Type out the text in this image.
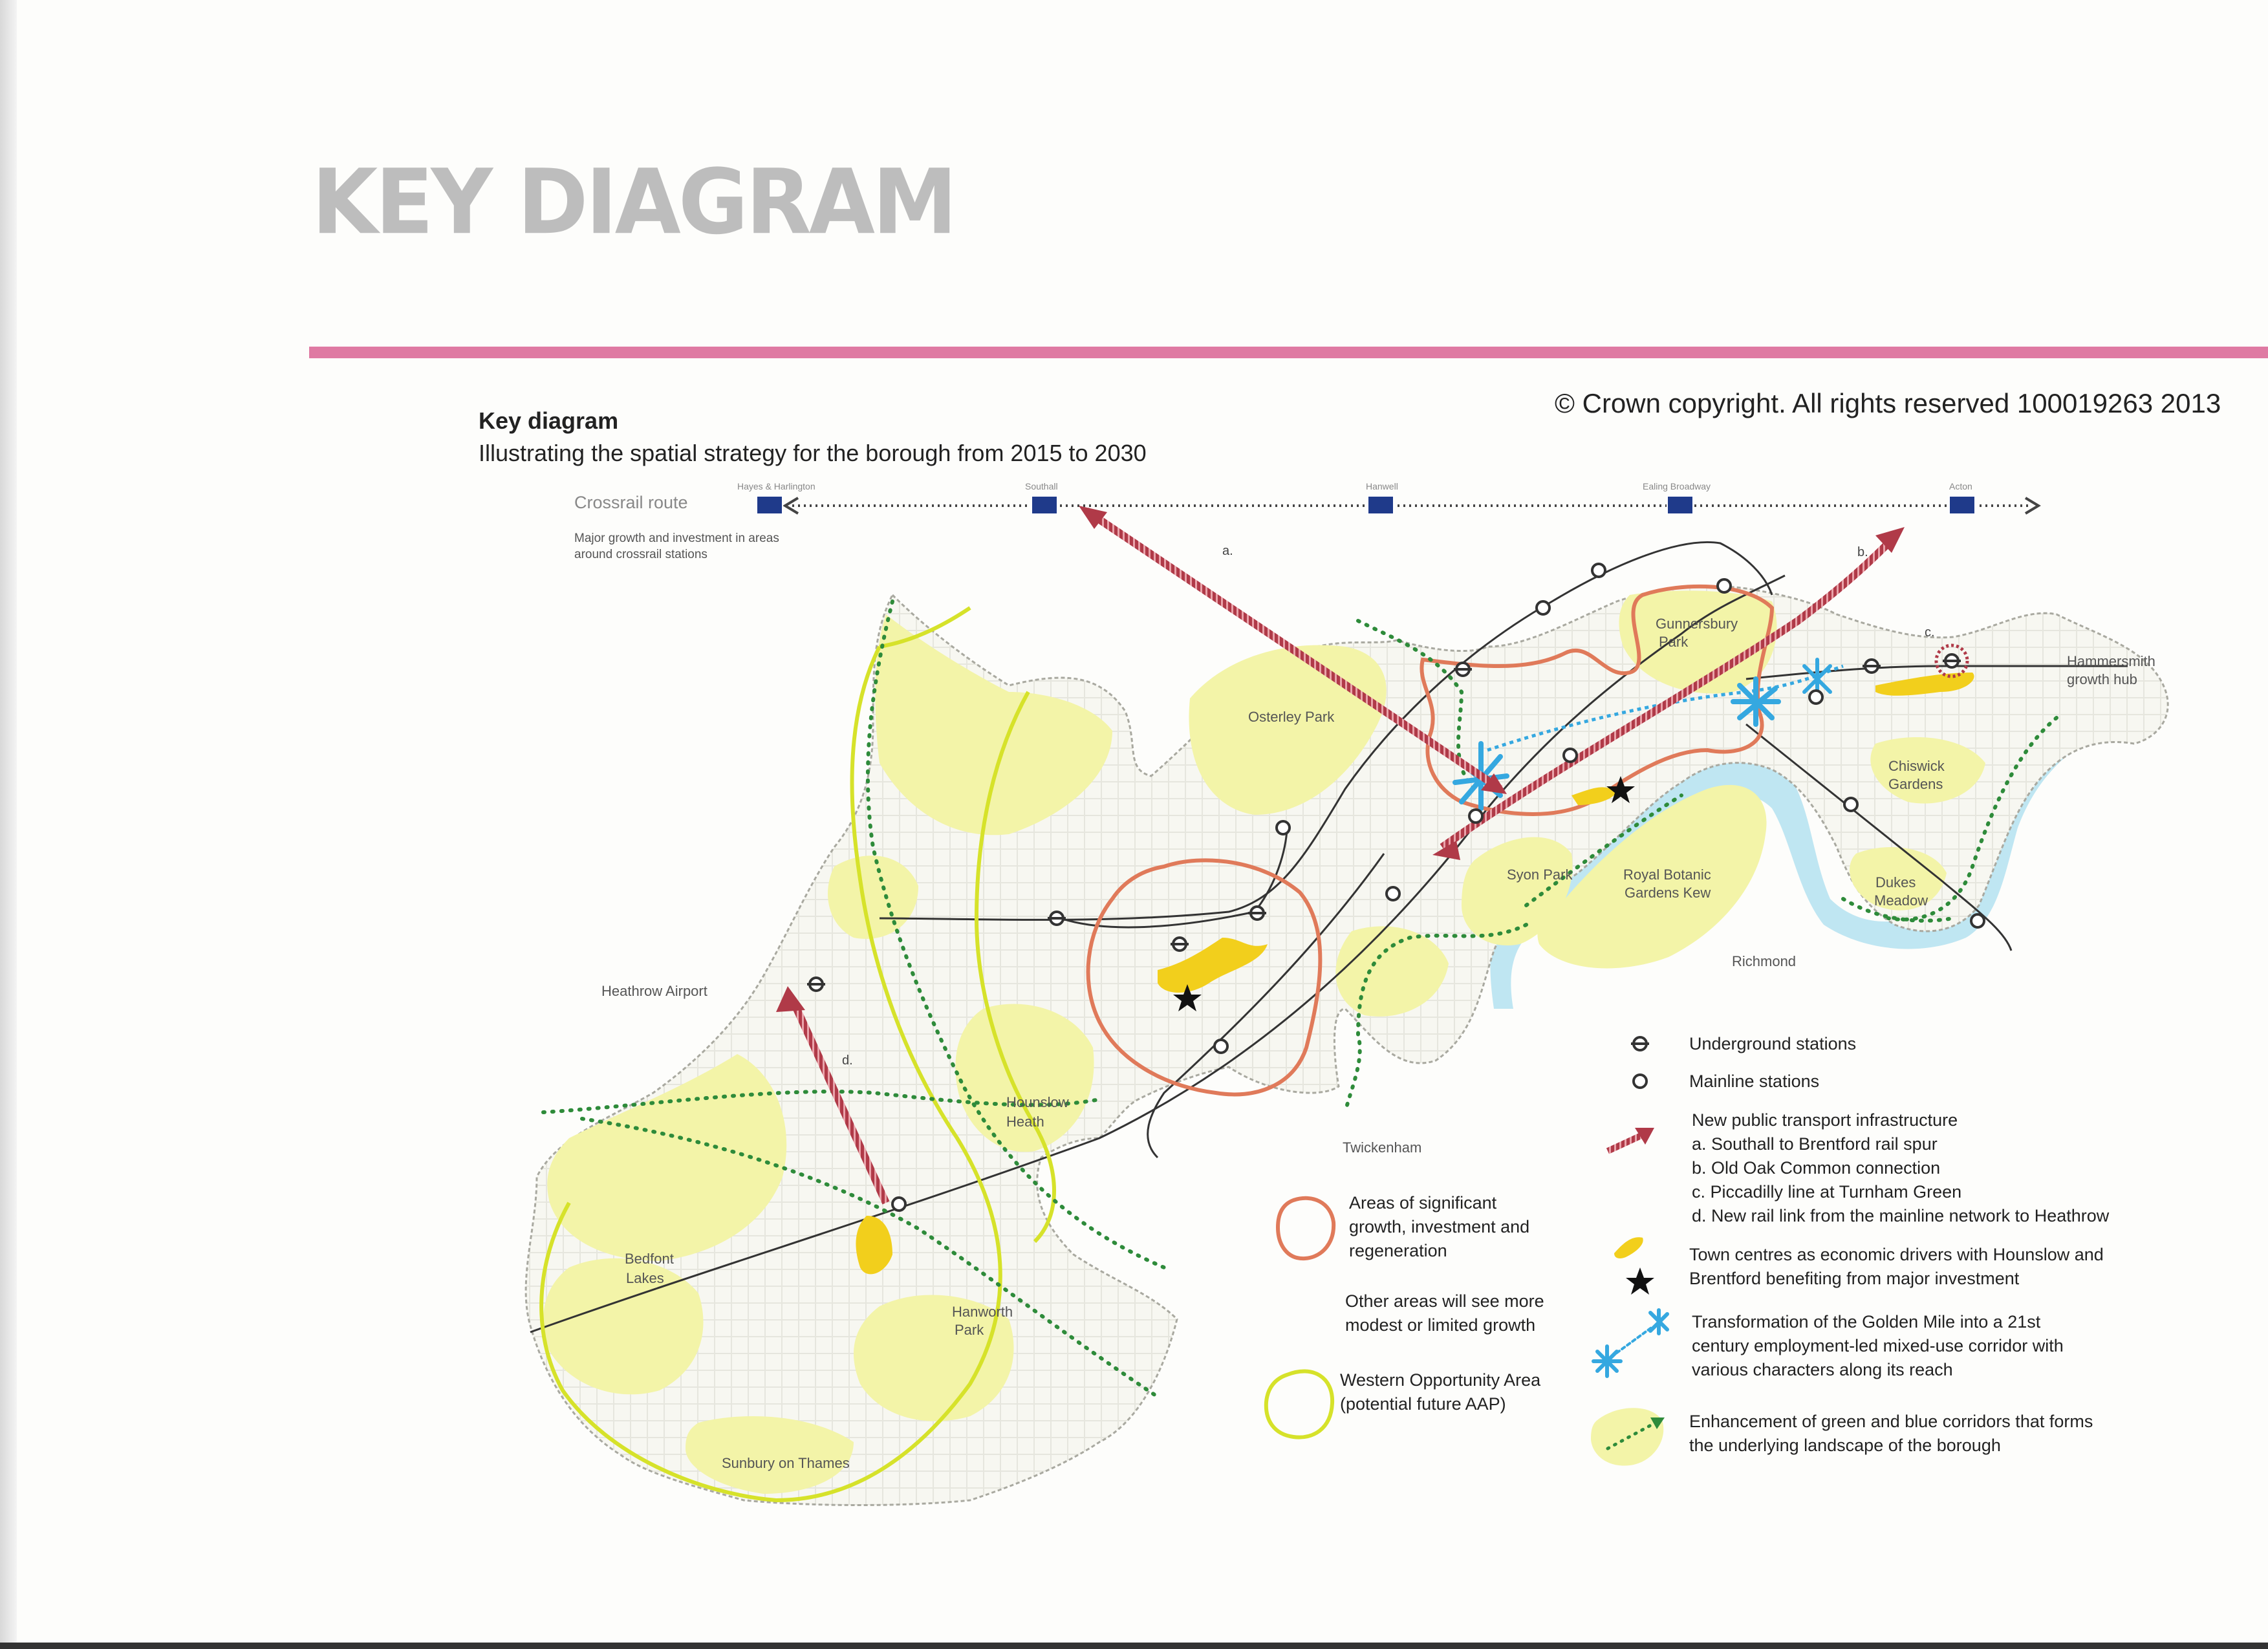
KEY DIAGRAM
© Crown copyright. All rights reserved 100019263 2013
Key diagram
Illustrating the spatial strategy for the borough from 2015 to 2030
Crossrail route
Major growth and investment in areas
around crossrail stations
Hayes & Harlington	Southall	Hanwell	Ealing Broadway	Acton
Gunnersbury
Park
Hammersmith
growth hub
Osterley Park
Chiswick
Gardens
Syon Park	Royal Botanic
Gardens Kew
Dukes
Meadow
Richmond
Heathrow Airport
Hounslow
Heath
Twickenham
Bedfont
Lakes
Hanworth
Park
Sunbury on Thames
a.	b.
c.
d.
Areas of significant
growth, investment and
regeneration
Other areas will see more
modest or limited growth
Western Opportunity Area
(potential future AAP)
Underground stations
Mainline stations
New public transport infrastructure
a. Southall to Brentford rail spur
b. Old Oak Common connection
c. Piccadilly line at Turnham Green
d. New rail link from the mainline network to Heathrow
Town centres as economic drivers with Hounslow and
Brentford benefiting from major investment
Transformation of the Golden Mile into a 21st
century employment-led mixed-use corridor with
various characters along its reach
Enhancement of green and blue corridors that forms
the underlying landscape of the borough
